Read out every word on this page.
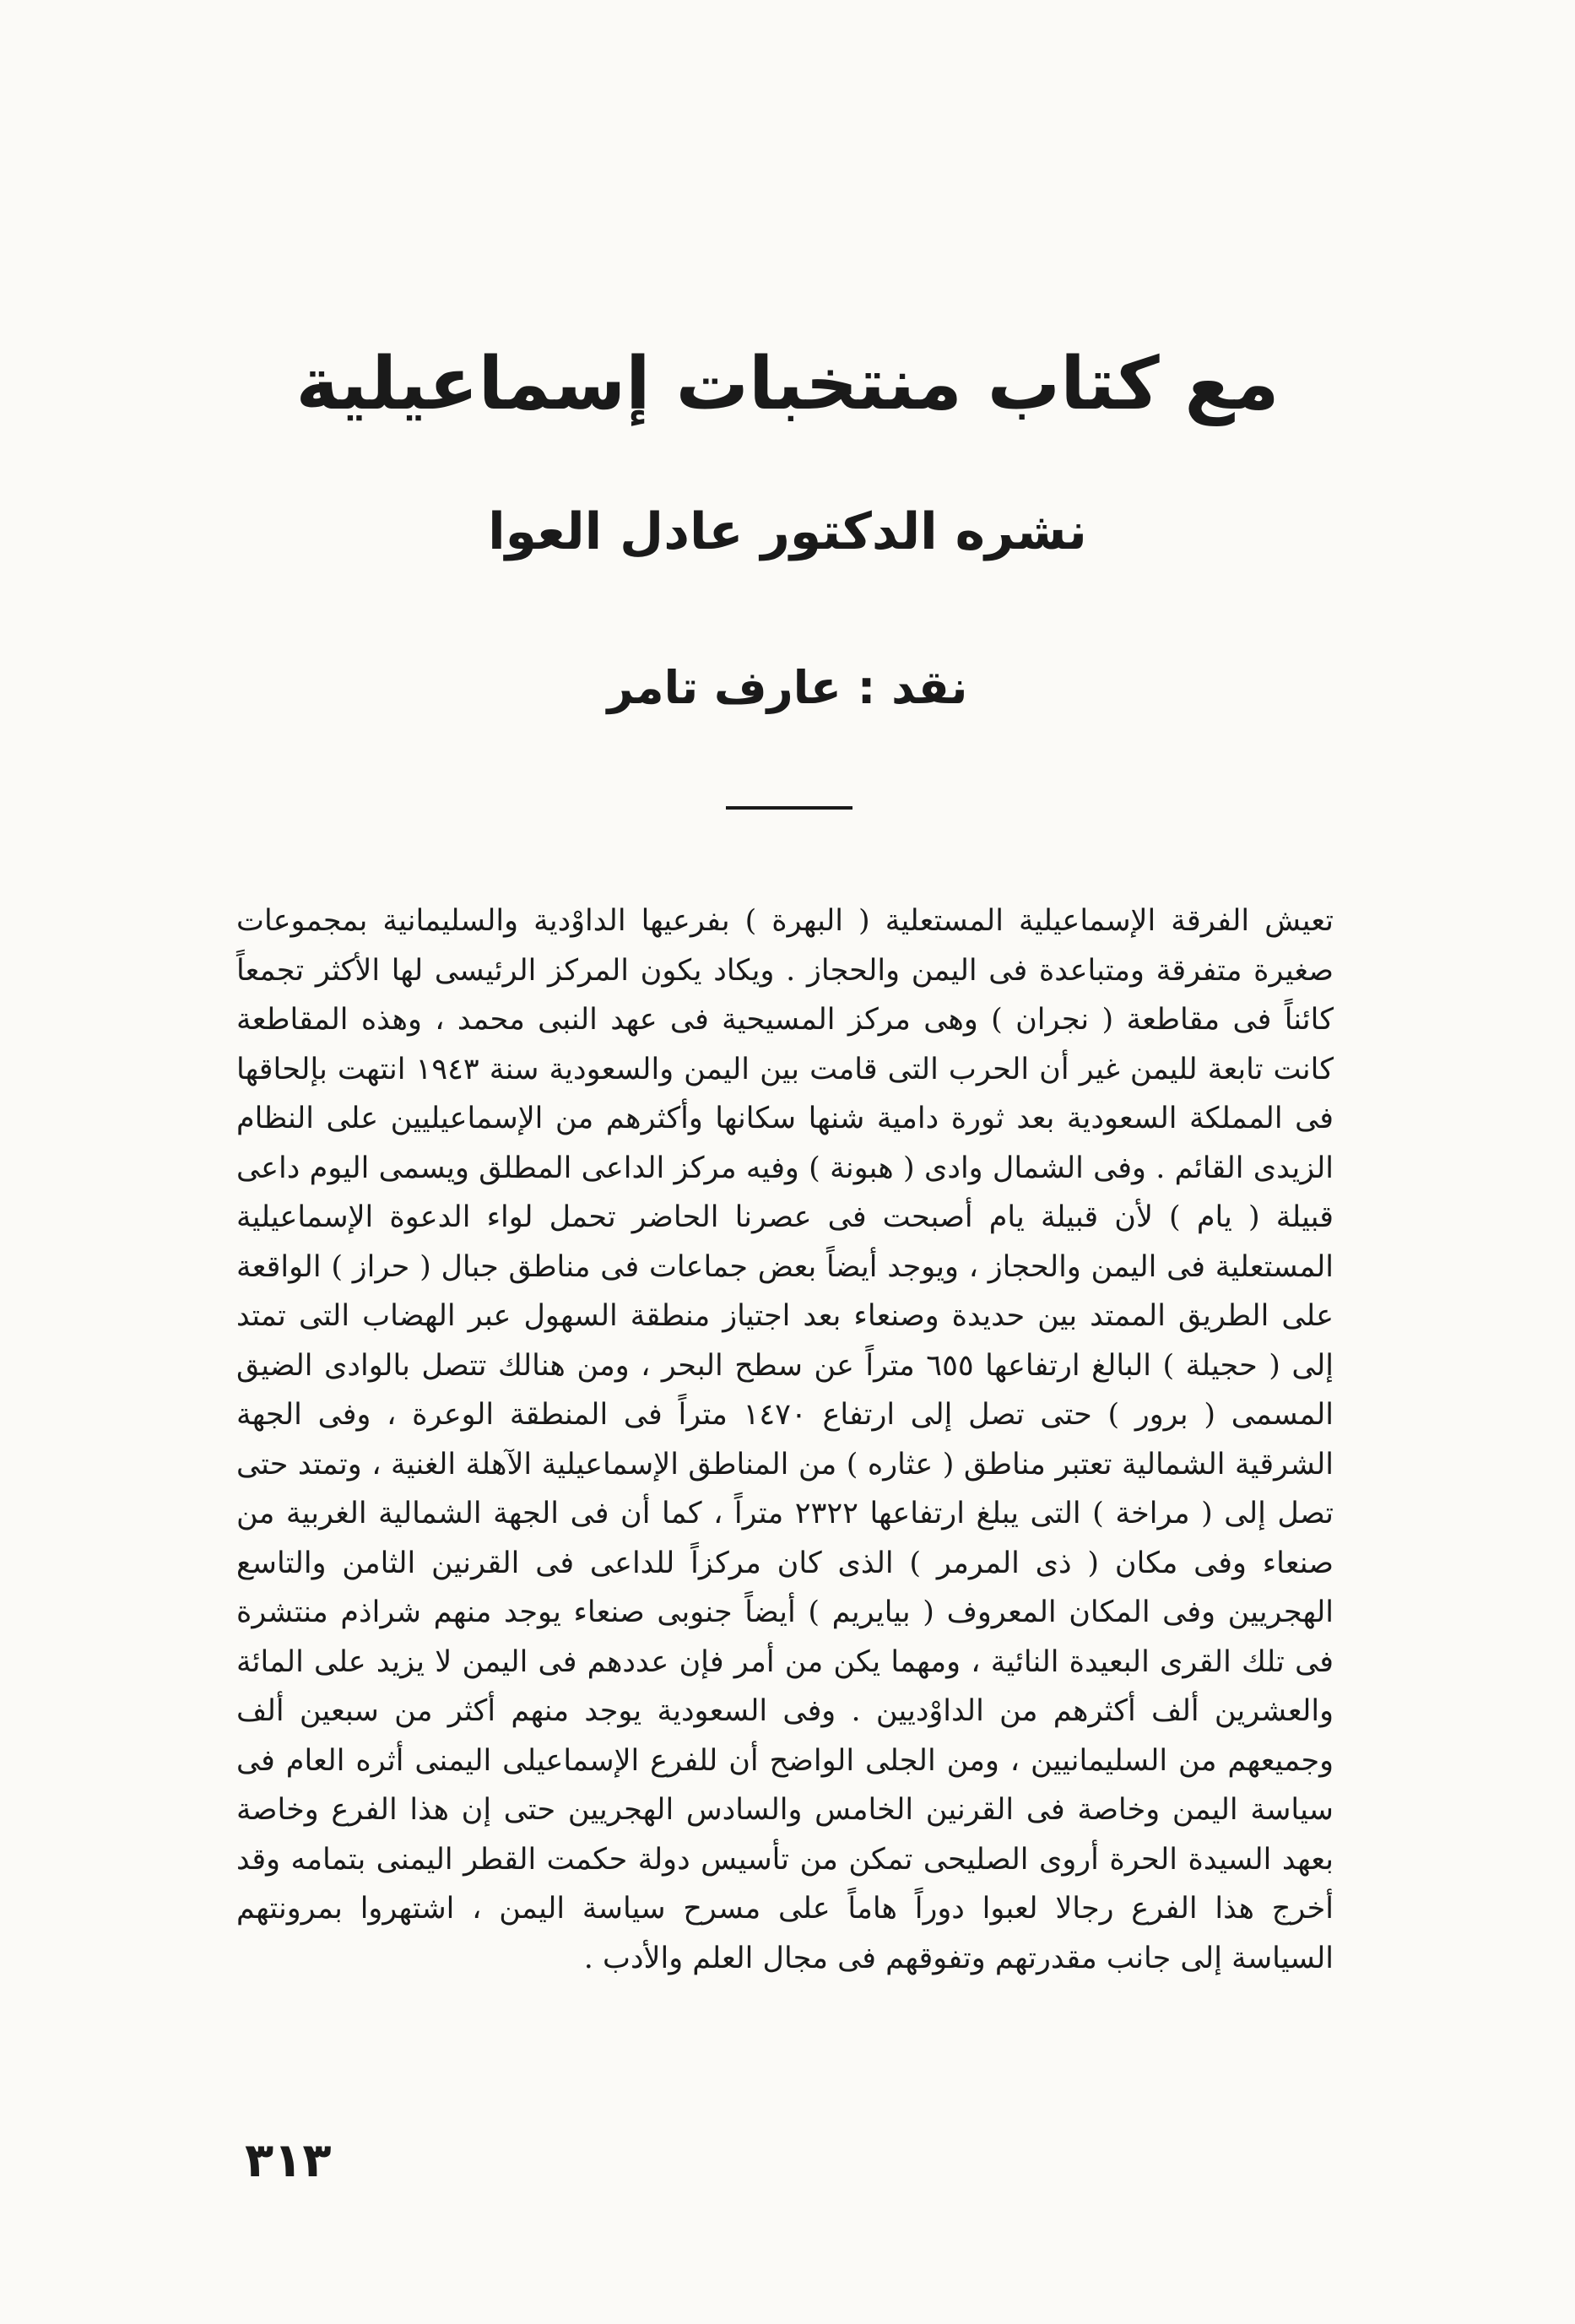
مع كتاب منتخبات إسماعيلية
نشره الدكتور عادل العوا
نقد : عارف تامر

تعيش الفرقة الإسماعيلية المستعلية ( البهرة ) بفرعيها الداوْدية والسليمانية بمجموعات صغيرة متفرقة ومتباعدة فى اليمن والحجاز . ويكاد يكون المركز الرئيسى لها الأكثر تجمعاً كائناً فى مقاطعة ( نجران ) وهى مركز المسيحية فى عهد النبى محمد ، وهذه المقاطعة كانت تابعة لليمن غير أن الحرب التى قامت بين اليمن والسعودية سنة ١٩٤٣ انتهت بإلحاقها فى المملكة السعودية بعد ثورة دامية شنها سكانها وأكثرهم من الإسماعيليين على النظام الزيدى القائم . وفى الشمال وادى ( هبونة ) وفيه مركز الداعى المطلق ويسمى اليوم داعى قبيلة ( يام ) لأن قبيلة يام أصبحت فى عصرنا الحاضر تحمل لواء الدعوة الإسماعيلية المستعلية فى اليمن والحجاز ، ويوجد أيضاً بعض جماعات فى مناطق جبال ( حراز ) الواقعة على الطريق الممتد بين حديدة وصنعاء بعد اجتياز منطقة السهول عبر الهضاب التى تمتد إلى ( حجيلة ) البالغ ارتفاعها ٦٥٥ متراً عن سطح البحر ، ومن هنالك تتصل بالوادى الضيق المسمى ( برور ) حتى تصل إلى ارتفاع ١٤٧٠ متراً فى المنطقة الوعرة ، وفى الجهة الشرقية الشمالية تعتبر مناطق ( عثاره ) من المناطق الإسماعيلية الآهلة الغنية ، وتمتد حتى تصل إلى ( مراخة ) التى يبلغ ارتفاعها ٢٣٢٢ متراً ، كما أن فى الجهة الشمالية الغربية من صنعاء وفى مكان ( ذى المرمر ) الذى كان مركزاً للداعى فى القرنين الثامن والتاسع الهجريين وفى المكان المعروف ( بيايريم ) أيضاً جنوبى صنعاء يوجد منهم شراذم منتشرة فى تلك القرى البعيدة النائية ، ومهما يكن من أمر فإن عددهم فى اليمن لا يزيد على المائة والعشرين ألف أكثرهم من الداوْديين . وفى السعودية يوجد منهم أكثر من سبعين ألف وجميعهم من السليمانيين ، ومن الجلى الواضح أن للفرع الإسماعيلى اليمنى أثره العام فى سياسة اليمن وخاصة فى القرنين الخامس والسادس الهجريين حتى إن هذا الفرع وخاصة بعهد السيدة الحرة أروى الصليحى تمكن من تأسيس دولة حكمت القطر اليمنى بتمامه وقد أخرج هذا الفرع رجالا لعبوا دوراً هاماً على مسرح سياسة اليمن ، اشتهروا بمرونتهم السياسة إلى جانب مقدرتهم وتفوقهم فى مجال العلم والأدب .

٣١٣
